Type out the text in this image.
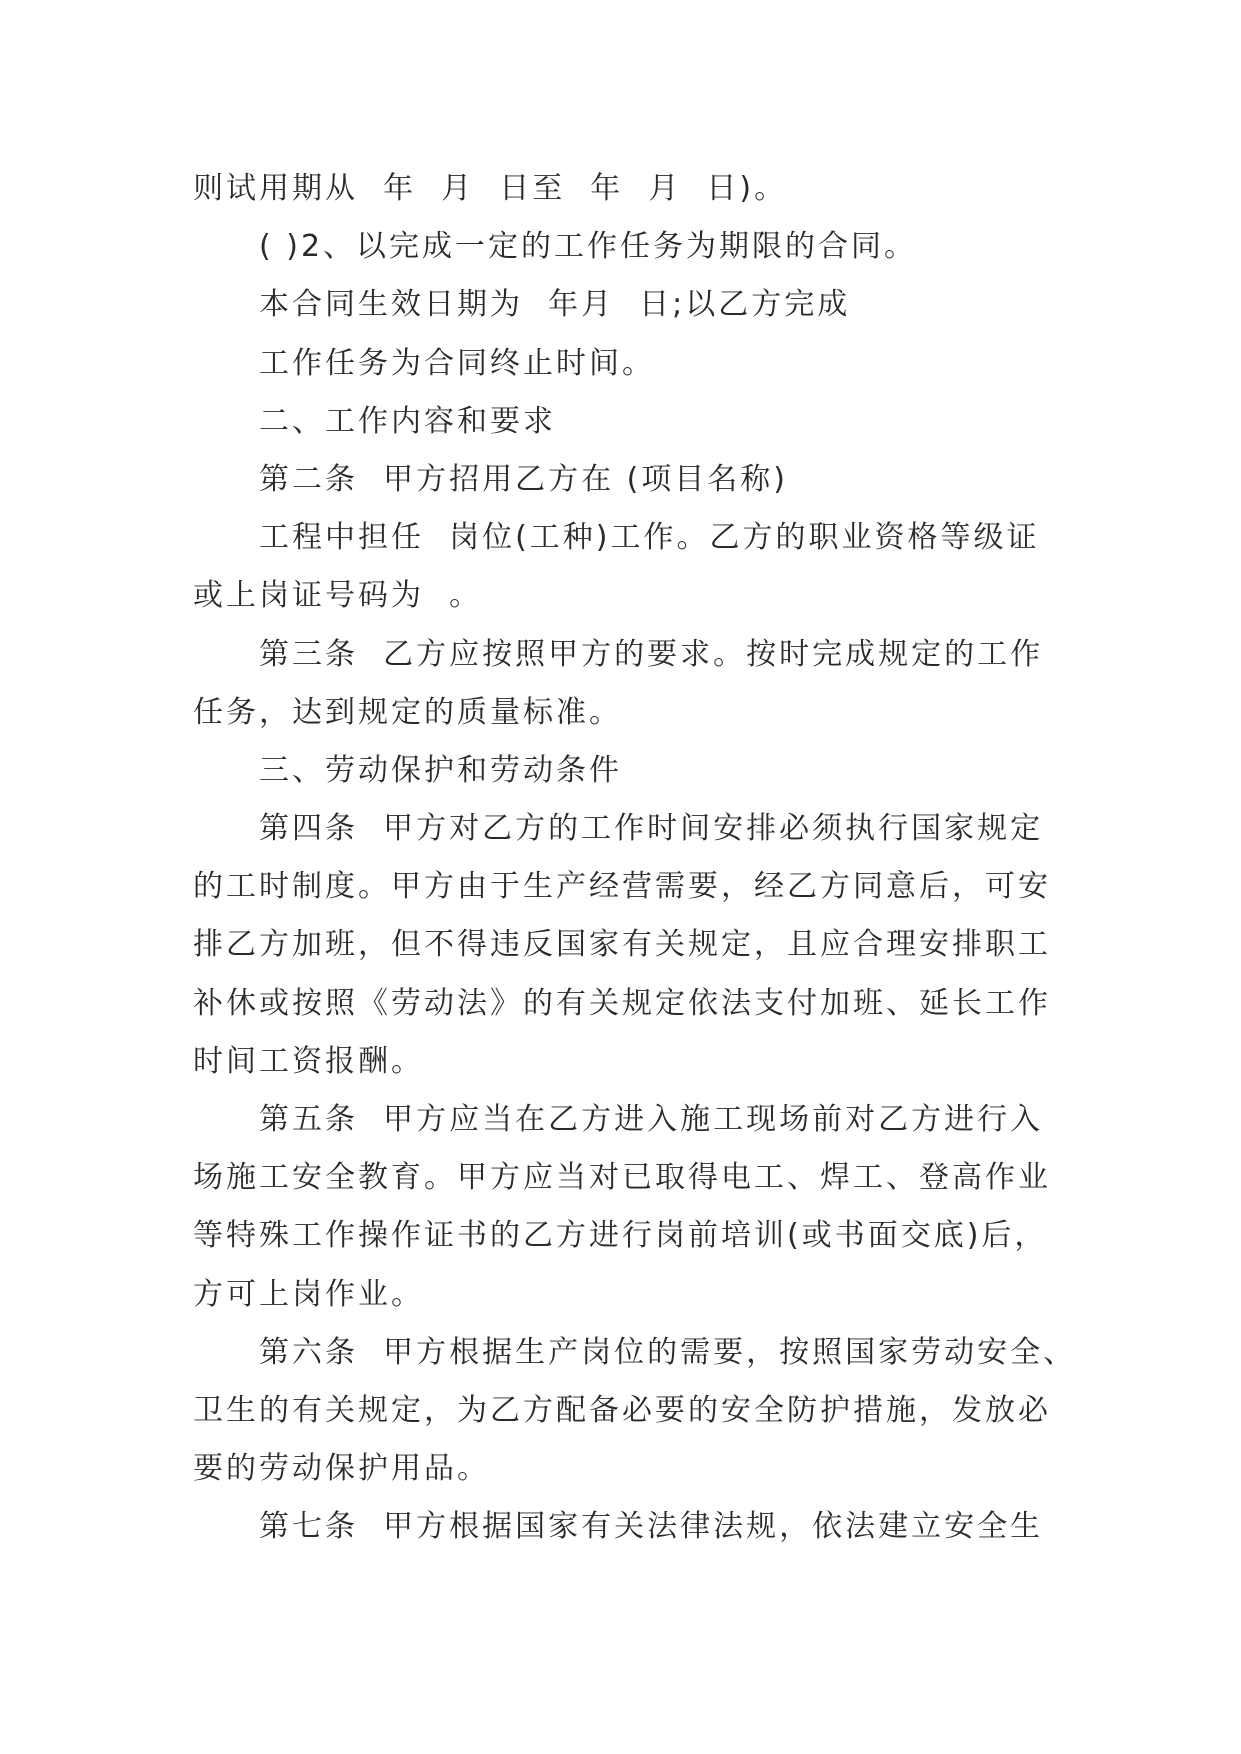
则试用期从  年  月  日至  年  月  日)。
( )2、以完成一定的工作任务为期限的合同。
本合同生效日期为  年月  日;以乙方完成
工作任务为合同终止时间。
二、工作内容和要求
第二条  甲方招用乙方在 (项目名称)
工程中担任  岗位(工种)工作。乙方的职业资格等级证
或上岗证号码为  。
第三条  乙方应按照甲方的要求。按时完成规定的工作
任务，达到规定的质量标准。
三、劳动保护和劳动条件
第四条  甲方对乙方的工作时间安排必须执行国家规定
的工时制度。甲方由于生产经营需要，经乙方同意后，可安
排乙方加班，但不得违反国家有关规定，且应合理安排职工
补休或按照《劳动法》的有关规定依法支付加班、延长工作
时间工资报酬。
第五条  甲方应当在乙方进入施工现场前对乙方进行入
场施工安全教育。甲方应当对已取得电工、焊工、登高作业
等特殊工作操作证书的乙方进行岗前培训(或书面交底)后，
方可上岗作业。
第六条  甲方根据生产岗位的需要，按照国家劳动安全、
卫生的有关规定，为乙方配备必要的安全防护措施，发放必
要的劳动保护用品。
第七条  甲方根据国家有关法律法规，依法建立安全生
